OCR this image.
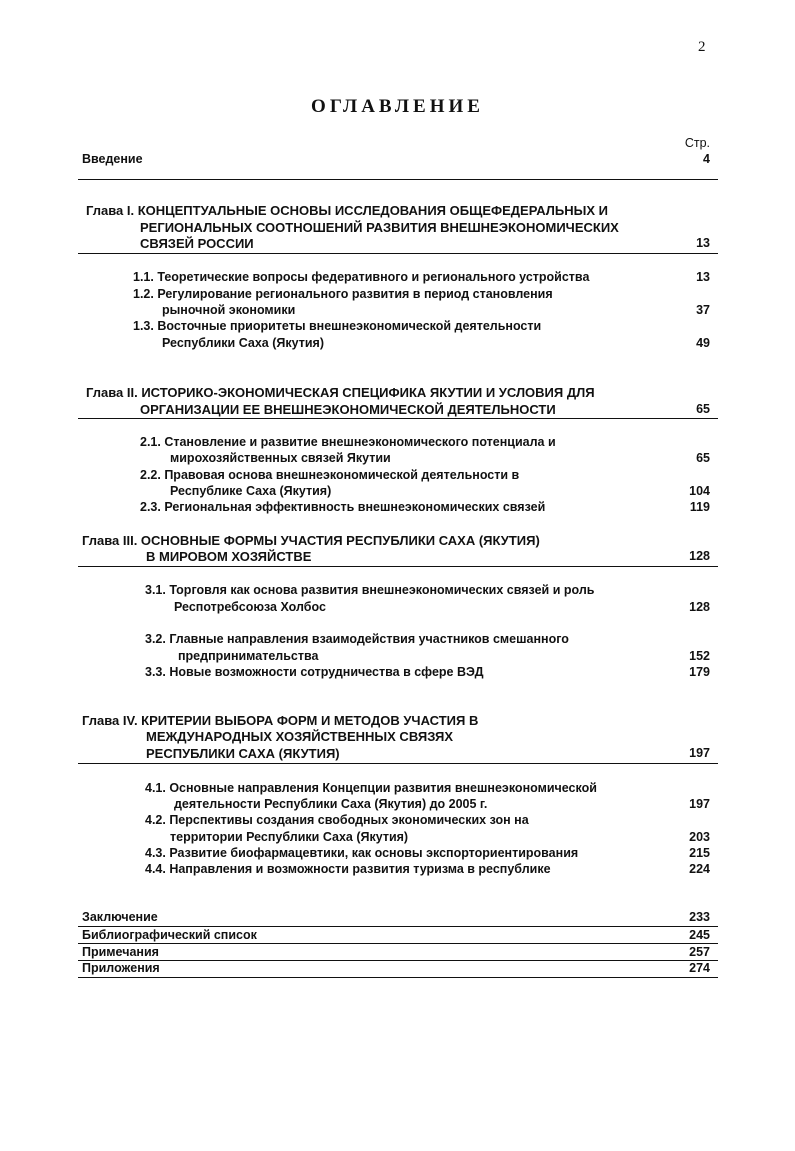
2
ОГЛАВЛЕНИЕ
Стр.
Введение	4
Глава I. КОНЦЕПТУАЛЬНЫЕ ОСНОВЫ ИССЛЕДОВАНИЯ ОБЩЕФЕДЕРАЛЬНЫХ И
РЕГИОНАЛЬНЫХ СООТНОШЕНИЙ РАЗВИТИЯ ВНЕШНЕЭКОНОМИЧЕСКИХ
СВЯЗЕЙ РОССИИ	13
1.1. Теоретические вопросы федеративного и регионального устройства	13
1.2. Регулирование регионального развития в период становления
рыночной экономики	37
1.3. Восточные приоритеты внешнеэкономической деятельности
Республики Саха (Якутия)	49
Глава II. ИСТОРИКО-ЭКОНОМИЧЕСКАЯ СПЕЦИФИКА ЯКУТИИ И УСЛОВИЯ ДЛЯ
ОРГАНИЗАЦИИ ЕЕ ВНЕШНЕЭКОНОМИЧЕСКОЙ ДЕЯТЕЛЬНОСТИ	65
2.1. Становление и развитие внешнеэкономического потенциала и
мирохозяйственных связей Якутии	65
2.2. Правовая основа внешнеэкономической деятельности в
Республике Саха (Якутия)	104
2.3. Региональная эффективность внешнеэкономических связей	119
Глава III. ОСНОВНЫЕ ФОРМЫ УЧАСТИЯ РЕСПУБЛИКИ САХА (ЯКУТИЯ)
В МИРОВОМ ХОЗЯЙСТВЕ	128
3.1. Торговля как основа развития внешнеэкономических связей и роль
Респотребсоюза Холбос	128
3.2. Главные направления взаимодействия участников смешанного
предпринимательства	152
3.3. Новые возможности сотрудничества в сфере ВЭД	179
Глава IV. КРИТЕРИИ ВЫБОРА ФОРМ И МЕТОДОВ УЧАСТИЯ В
МЕЖДУНАРОДНЫХ ХОЗЯЙСТВЕННЫХ СВЯЗЯХ
РЕСПУБЛИКИ САХА (ЯКУТИЯ)	197
4.1. Основные направления Концепции развития внешнеэкономической
деятельности Республики Саха (Якутия) до 2005 г.	197
4.2. Перспективы создания свободных экономических зон на
территории Республики Саха (Якутия)	203
4.3. Развитие биофармацевтики, как основы экспорториентирования	215
4.4. Направления и возможности развития туризма в республике	224
Заключение	233
Библиографический список	245
Примечания	257
Приложения	274
